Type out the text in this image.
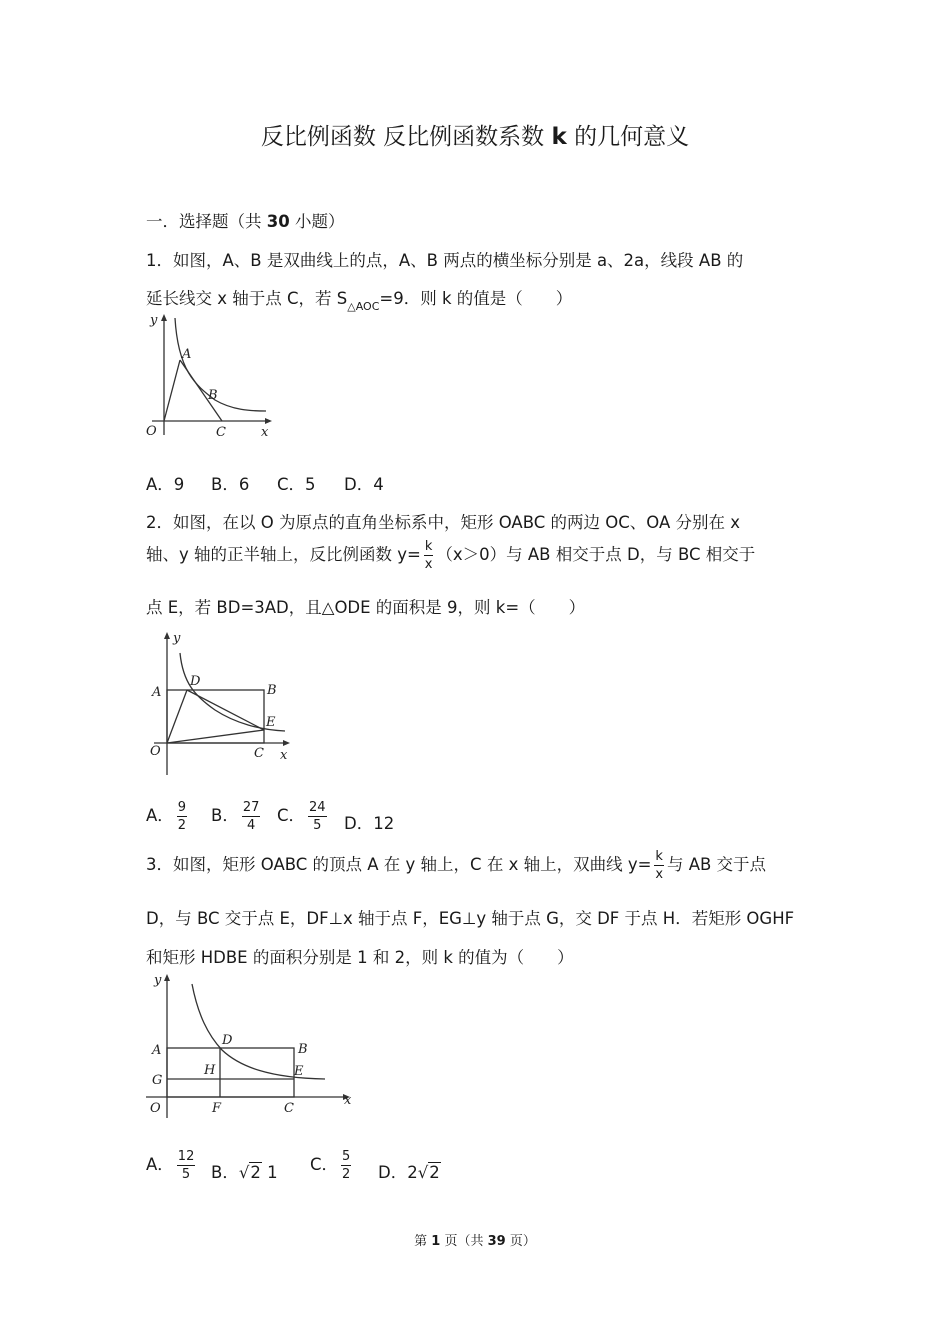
反比例函数 反比例函数系数 k 的几何意义
一．选择题（共 30 小题）
1．如图，A、B 是双曲线上的点，A、B 两点的横坐标分别是 a、2a，线段 AB 的
延长线交 x 轴于点 C，若 $S_{\triangle AOC}=9$．则 k 的值是（　　）
y
x
O
A
B
C
A．9 B．6 C．5 D．4
2．如图，在以 O 为原点的直角坐标系中，矩形 OABC 的两边 OC、OA 分别在 x
轴、y 轴的正半轴上，反比例函数 $y= \frac{k}{x} (x>0)$与 AB 相交于点 D，与 BC 相交于
点 E，若 BD=3AD，且△ODE 的面积是 9，则 k=（　　）
y
x
O
A	B
C
D
E
A． $\frac{9}{2}$ B． $\frac{27}{4}$ C． $\frac{24}{5}$ D．12
3．如图，矩形 OABC 的顶点 A 在 y 轴上，C 在 x 轴上，双曲线 $y= \frac{k}{x}$ 与 AB 交于点
D，与 BC 交于点 E，DF⊥x 轴于点 F，EG⊥y 轴于点 G，交 DF 于点 H．若矩形 OGHF
和矩形 HDBE 的面积分别是 1 和 2，则 k 的值为（　　）
y
x
O
A
G
H
D
B
E
F	C
A． $\frac{12}{5}$ B．√2 1 C． $\frac{5}{2}$ D．2√2
第 1 页（共 39 页）
